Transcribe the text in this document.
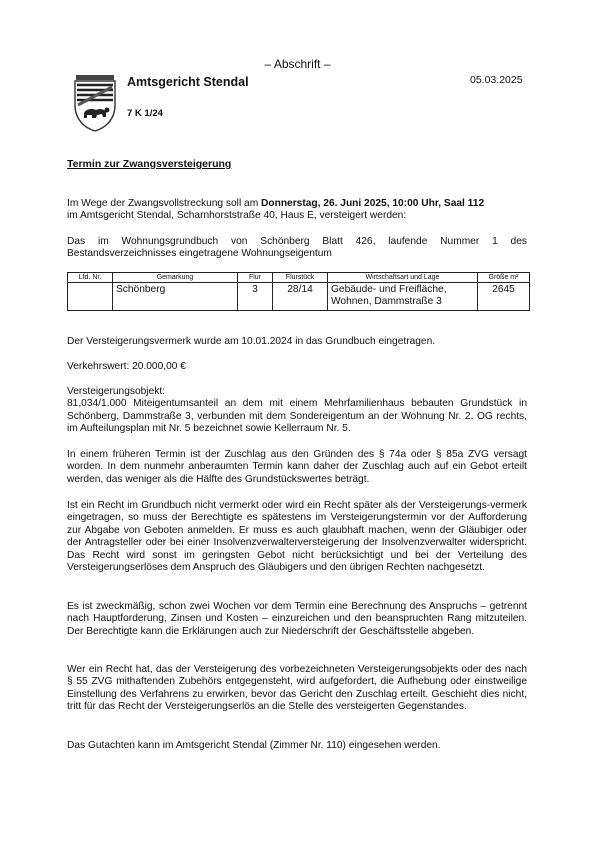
– Abschrift –
Amtsgericht Stendal
7 K 1/24
05.03.2025
Termin zur Zwangsversteigerung
Im Wege der Zwangsvollstreckung soll am Donnerstag, 26. Juni 2025, 10:00 Uhr, Saal 112
im Amtsgericht Stendal, Scharnhorststraße 40, Haus E, versteigert werden:
Das im Wohnungsgrundbuch von Schönberg Blatt 426, laufende Nummer 1 des Bestandsverzeichnisses eingetragene Wohnungseigentum
Lfd. Nr.	Gemarkung	Flur	Flurstück	Wirtschaftsart und Lage	Größe m²
	Schönberg	3	28/14	Gebäude- und Freifläche,
Wohnen, Dammstraße 3	2645
Der Versteigerungsvermerk wurde am 10.01.2024 in das Grundbuch eingetragen.
Verkehrswert: 20.000,00 €

Versteigerungsobjekt:

81,034/1.000 Miteigentumsanteil an dem mit einem Mehrfamilienhaus bebauten Grundstück in Schönberg, Dammstraße 3, verbunden mit dem Sondereigentum an der Wohnung Nr. 2. OG rechts, im Aufteilungsplan mit Nr. 5 bezeichnet sowie Kellerraum Nr. 5.

In einem früheren Termin ist der Zuschlag aus den Gründen des § 74a oder § 85a ZVG versagt worden. In dem nunmehr anberaumten Termin kann daher der Zuschlag auch auf ein Gebot erteilt werden, das weniger als die Hälfte des Grundstückswertes beträgt.
Ist ein Recht im Grundbuch nicht vermerkt oder wird ein Recht später als der Versteigerungs-vermerk eingetragen, so muss der Berechtigte es spätestens im Versteigerungstermin vor der Aufforderung zur Abgabe von Geboten anmelden. Er muss es auch glaubhaft machen, wenn der Gläubiger oder der Antragsteller oder bei einer Insolvenzverwalterversteigerung der Insolvenzverwalter widerspricht. Das Recht wird sonst im geringsten Gebot nicht berücksichtigt und bei der Verteilung des Versteigerungserlöses dem Anspruch des Gläubigers und den übrigen Rechten nachgesetzt.
Es ist zweckmäßig, schon zwei Wochen vor dem Termin eine Berechnung des Anspruchs – getrennt nach Hauptforderung, Zinsen und Kosten – einzureichen und den beanspruchten Rang mitzuteilen. Der Berechtigte kann die Erklärungen auch zur Niederschrift der Geschäftsstelle abgeben.
Wer ein Recht hat, das der Versteigerung des vorbezeichneten Versteigerungsobjekts oder des nach § 55 ZVG mithaftenden Zubehörs entgegensteht, wird aufgefordert, die Aufhebung oder einstweilige Einstellung des Verfahrens zu erwirken, bevor das Gericht den Zuschlag erteilt. Geschieht dies nicht, tritt für das Recht der Versteigerungserlös an die Stelle des versteigerten Gegenstandes.
Das Gutachten kann im Amtsgericht Stendal (Zimmer Nr. 110) eingesehen werden.
